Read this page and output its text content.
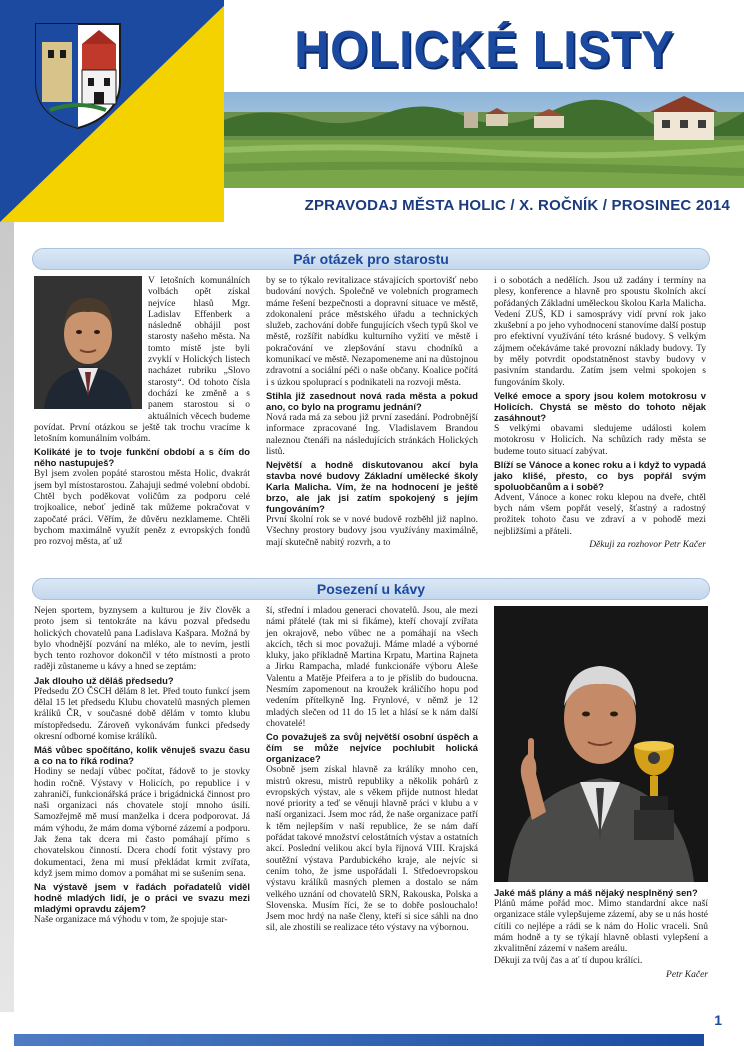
HOLICKÉ LISTY
ZPRAVODAJ MĚSTA HOLIC / X. ROČNÍK / PROSINEC 2014
Pár otázek pro starostu

V letošních komunálních volbách opět získal nejvíce hlasů Mgr. Ladislav Effenberk a následně obhájil post starosty našeho města. Na tomto místě jste byli zvyklí v Holických listech nacházet rubriku „Slovo starosty“. Od tohoto čísla dochází ke změně a s panem starostou si o aktuálních věcech budeme povídat. První otázkou se ještě tak trochu vracíme k letošním komunálním volbám.

Kolikáté je to tvoje funkční období a s čím do něho nastupuješ?

Byl jsem zvolen popáté starostou města Holic, dvakrát jsem byl místostarostou. Zahajuji sedmé volební období. Chtěl bych poděkovat voličům za podporu celé trojkoalice, neboť jedině tak můžeme pokračovat v započaté práci. Věřím, že důvěru nezklameme. Chtěli bychom maximálně využít peněz z evropských fondů pro rozvoj města, ať už

by se to týkalo revitalizace stávajících sportovišť nebo budování nových. Společně ve volebních programech máme řešení bezpečnosti a dopravní situace ve městě, zdokonalení práce městského úřadu a technických služeb, zachování dobře fungujících všech typů škol ve městě, rozšířit nabídku kulturního vyžití ve městě i pokračování ve zlepšování stavu chodníků a komunikací ve městě. Nezapomeneme ani na důstojnou zdravotní a sociální péči o naše občany. Koalice počítá i s úzkou spoluprací s podnikateli na rozvoji města.

Stihla již zasednout nová rada města a pokud ano, co bylo na programu jednání?

Nová rada má za sebou již první zasedání. Podrobnější informace zpracované Ing. Vladislavem Brandou naleznou čtenáři na následujících stránkách Holických listů.

Největší a hodně diskutovanou akcí byla stavba nové budovy Základní umělecké školy Karla Malicha. Vím, že na hodnocení je ještě brzo, ale jak jsi zatím spokojený s jejím fungováním?

První školní rok se v nové budově rozběhl již naplno. Všechny prostory budovy jsou využívány maximálně, mají skutečně nabitý rozvrh, a to

i o sobotách a nedělích. Jsou už zadány i termíny na plesy, konference a hlavně pro spoustu školních akcí pořádaných Základní uměleckou školou Karla Malicha. Vedení ZUŠ, KD i samosprávy vidí první rok jako zkušební a po jeho vyhodnocení stanovíme další postup pro efektivní využívání této krásné budovy. S velkým zájmem očekáváme také provozní náklady budovy. Ty by měly potvrdit opodstatněnost stavby budovy v pasivním standardu. Zatím jsem velmi spokojen s fungováním školy.

Velké emoce a spory jsou kolem motokrosu v Holicích. Chystá se město do tohoto nějak zasáhnout?

S velkými obavami sledujeme události kolem motokrosu v Holicích. Na schůzích rady města se budeme touto situací zabývat.

Blíží se Vánoce a konec roku a i když to vypadá jako klišé, přesto, co bys popřál svým spoluobčanům a i sobě?

Advent, Vánoce a konec roku klepou na dveře, chtěl bych nám všem popřát veselý, šťastný a radostný prožitek tohoto času ve zdraví a v pohodě mezi nejbližšími a přáteli.

Děkuji za rozhovor Petr Kačer

Posezení u kávy

Nejen sportem, byznysem a kulturou je živ člověk a proto jsem si tentokráte na kávu pozval předsedu holických chovatelů pana Ladislava Kašpara. Možná by bylo vhodnější pozvání na mléko, ale to nevím, jestli bych tento rozhovor dokončil v této místnosti a proto raději zůstaneme u kávy a hned se zeptám:

Jak dlouho už děláš předsedu?

Předsedu ZO ČSCH dělám 8 let. Před touto funkcí jsem dělal 15 let předsedu Klubu chovatelů masných plemen králíků ČR, v současné době dělám v tomto klubu místopředsedu. Zároveň vykonávám funkci předsedy okresní odborné komise králíků.

Máš vůbec spočítáno, kolik věnuješ svazu času a co na to říká rodina?

Hodiny se nedají vůbec počítat, řádově to je stovky hodin ročně. Výstavy v Holicích, po republice i v zahraničí, funkcionářská práce i brigádnická činnost pro naši organizaci nás chovatele stojí mnoho úsilí. Samozřejmě mě musí manželka i dcera podporovat. Já mám výhodu, že mám doma výborné zázemí a podporu. Jak žena tak dcera mi často pomáhají přímo s chovatelskou činností. Dcera chodí fotit výstavy pro dokumentaci, žena mi musí překládat krmit zvířata, když jsem mimo domov a pomáhat mi se sušením sena.

Na výstavě jsem v řadách pořadatelů viděl hodně mladých lidí, je o práci ve svazu mezi mladými opravdu zájem?

Naše organizace má výhodu v tom, že spojuje star-

ší, střední i mladou generaci chovatelů. Jsou, ale mezi námi přátelé (tak mi si fikáme), kteří chovají zvířata jen okrajově, nebo vůbec ne a pomáhají na všech akcích, těch si moc považuji. Máme mladé a výborné kluky, jako příkladně Martina Krpatu, Martina Rajneta a Jirku Rampacha, mladé funkcionáře výboru Aleše Valentu a Matěje Pfeifera a to je příslib do budoucna. Nesmím zapomenout na kroužek králičího hopu pod vedením přítelkyně Ing. Frynlové, v němž je 12 mladých slečen od 11 do 15 let a hlásí se k nám další chovatelé!

Co považuješ za svůj největší osobní úspěch a čím se může nejvíce pochlubit holická organizace?

Osobně jsem získal hlavně za králíky mnoho cen, mistrů okresu, mistrů republiky a několik pohárů z evropských výstav, ale s věkem přijde nutnost hledat nové priority a teď se věnuji hlavně práci v klubu a v naší organizaci. Jsem moc rád, že naše organizace patří k těm nejlepším v naší republice, že se nám daří pořádat takové množství celostátních výstav a ostatních akcí. Poslední velikou akcí byla říjnová VIII. Krajská soutěžní výstava Pardubického kraje, ale nejvíc si cením toho, že jsme uspořádali I. Středoevropskou výstavu králíků masných plemen a dostalo se nám velkého uznání od chovatelů SRN, Rakouska, Polska a Slovenska. Musím říci, že se to dobře poslouchalo! Jsem moc hrdý na naše členy, kteří si sice sáhli na dno sil, ale zhostili se realizace této výstavy na výbornou.

Jaké máš plány a máš nějaký nesplněný sen?

Plánů máme pořád moc. Mimo standardní akce naší organizace stále vylepšujeme zázemí, aby se u nás hosté cítili co nejlépe a rádi se k nám do Holic vraceli. Snů mám hodně a ty se týkají hlavně oblasti vylepšení a zkvalitnění zázemí v našem areálu.

Děkuji za tvůj čas a ať tí dupou králíci.

Petr Kačer

1
